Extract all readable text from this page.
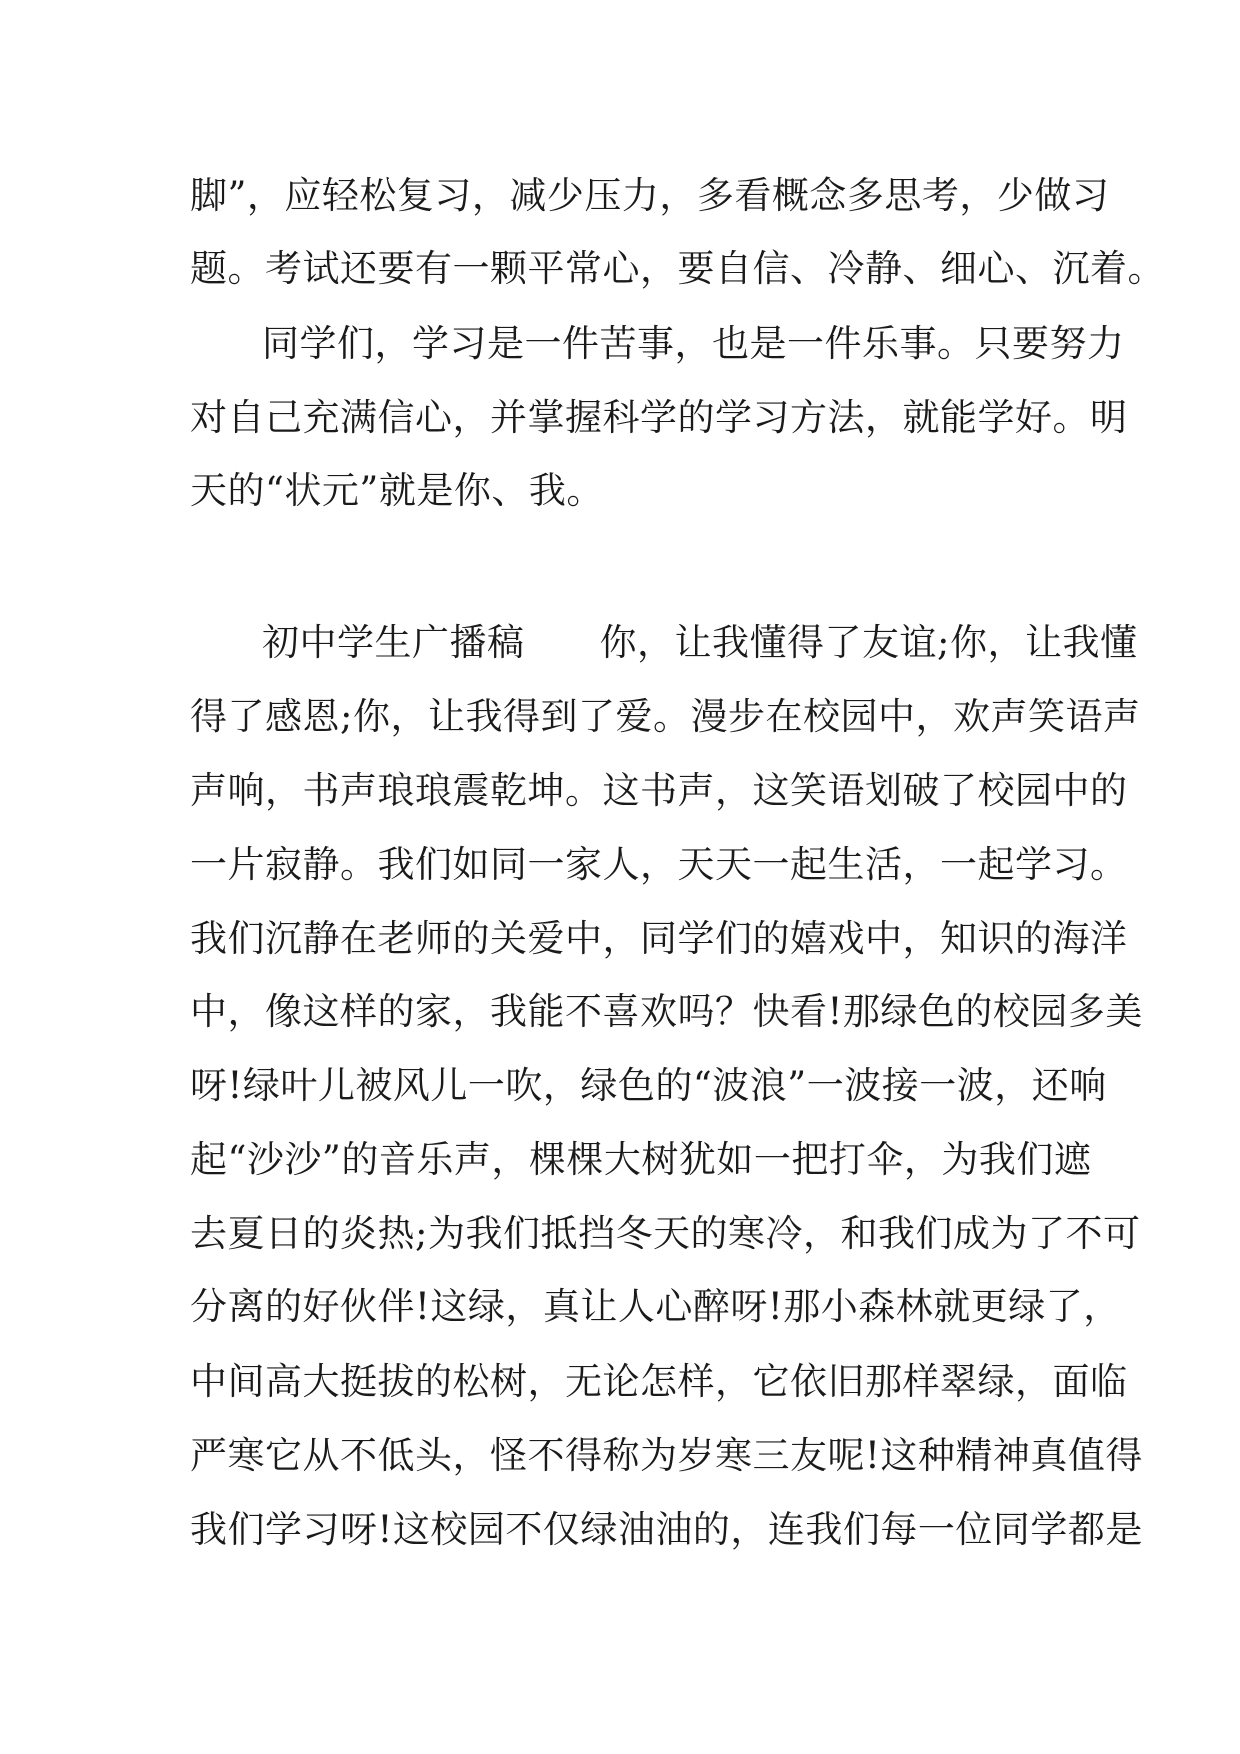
脚”，应轻松复习，减少压力，多看概念多思考，少做习
题。考试还要有一颗平常心，要自信、冷静、细心、沉着。
同学们，学习是一件苦事，也是一件乐事。只要努力
对自己充满信心，并掌握科学的学习方法，就能学好。明
天的“状元”就是你、我。
初中学生广播稿　　你，让我懂得了友谊;你，让我懂
得了感恩;你，让我得到了爱。漫步在校园中，欢声笑语声
声响，书声琅琅震乾坤。这书声，这笑语划破了校园中的
一片寂静。我们如同一家人，天天一起生活，一起学习。
我们沉静在老师的关爱中，同学们的嬉戏中，知识的海洋
中，像这样的家，我能不喜欢吗？快看!那绿色的校园多美
呀!绿叶儿被风儿一吹，绿色的“波浪”一波接一波，还响
起“沙沙”的音乐声，棵棵大树犹如一把打伞，为我们遮
去夏日的炎热;为我们抵挡冬天的寒冷，和我们成为了不可
分离的好伙伴!这绿，真让人心醉呀!那小森林就更绿了，
中间高大挺拔的松树，无论怎样，它依旧那样翠绿，面临
严寒它从不低头，怪不得称为岁寒三友呢!这种精神真值得
我们学习呀!这校园不仅绿油油的，连我们每一位同学都是
